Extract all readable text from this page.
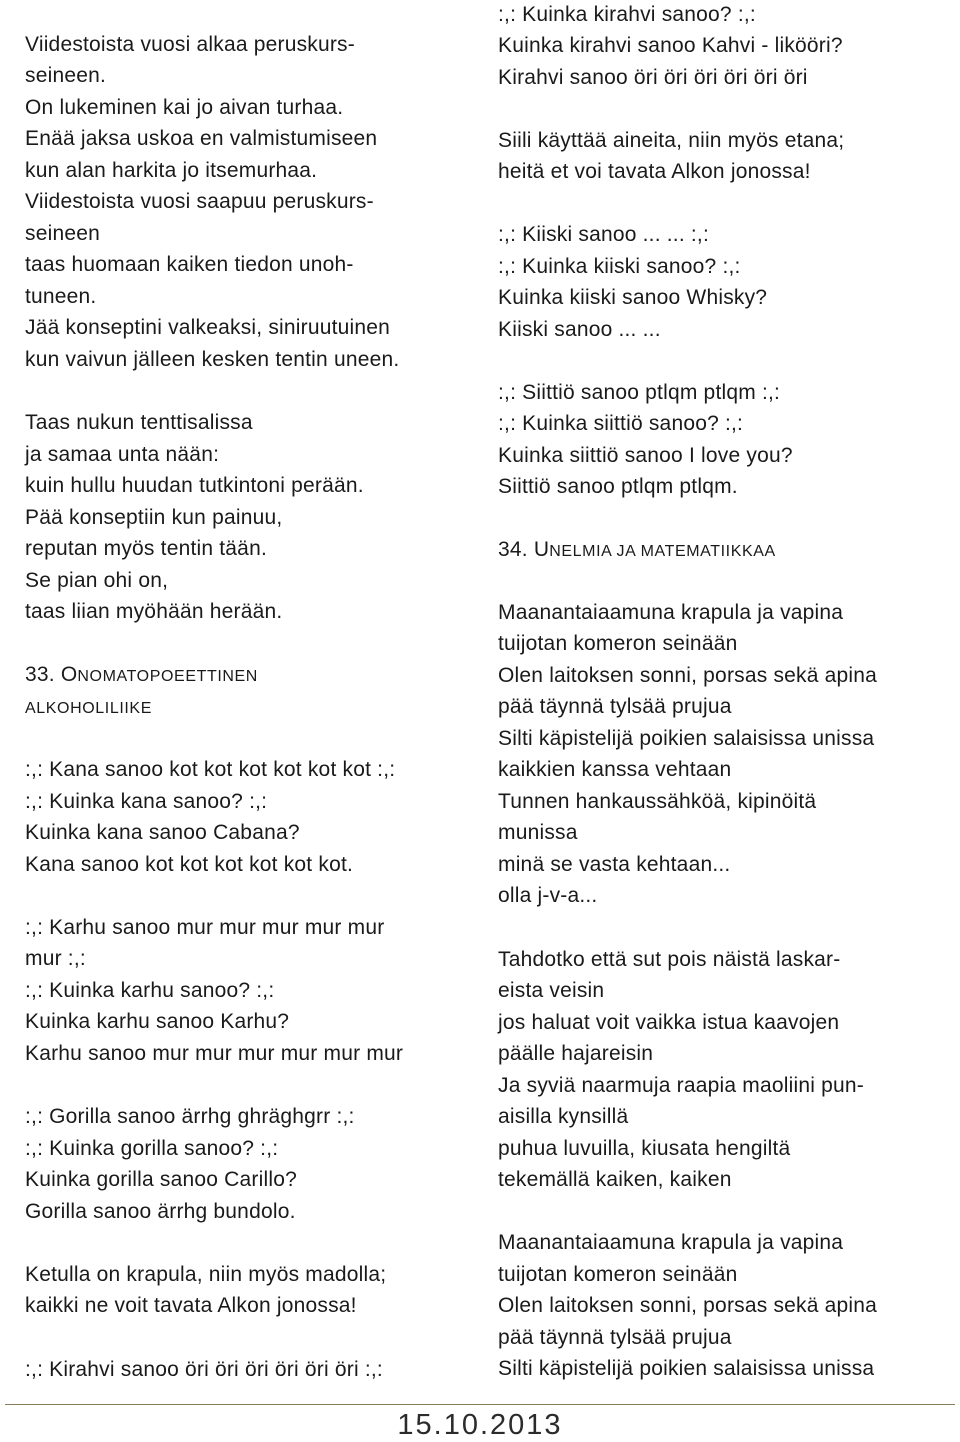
Viidestoista vuosi alkaa peruskurs-
seineen.
On lukeminen kai jo aivan turhaa.
Enää jaksa uskoa en valmistumiseen
kun alan harkita jo itsemurhaa.
Viidestoista vuosi saapuu peruskurs-
seineen
taas huomaan kaiken tiedon unoh-
tuneen.
Jää konseptini valkeaksi, siniruutuinen
kun vaivun jälleen kesken tentin uneen.
Taas nukun tenttisalissa
ja samaa unta nään:
kuin hullu huudan tutkintoni perään.
Pää konseptiin kun painuu,
reputan myös tentin tään.
Se pian ohi on,
taas liian myöhään herään.
33. ONOMATOPOEETTINEN
ALKOHOLILIIKE
:,: Kana sanoo kot kot kot kot kot kot :,:
:,: Kuinka kana sanoo? :,:
Kuinka kana sanoo Cabana?
Kana sanoo kot kot kot kot kot kot.
:,: Karhu sanoo mur mur mur mur mur
mur :,:
:,: Kuinka karhu sanoo? :,:
Kuinka karhu sanoo Karhu?
Karhu sanoo mur mur mur mur mur mur
:,: Gorilla sanoo ärrhg ghräghgrr :,:
:,: Kuinka gorilla sanoo? :,:
Kuinka gorilla sanoo Carillo?
Gorilla sanoo ärrhg bundolo.
Ketulla on krapula, niin myös madolla;
kaikki ne voit tavata Alkon jonossa!
:,: Kirahvi sanoo öri öri öri öri öri öri :,:
:,: Kuinka kirahvi sanoo? :,:
Kuinka kirahvi sanoo Kahvi - likööri?
Kirahvi sanoo öri öri öri öri öri öri
Siili käyttää aineita, niin myös etana;
heitä et voi tavata Alkon jonossa!
:,: Kiiski sanoo ... ... :,:
:,: Kuinka kiiski sanoo? :,:
Kuinka kiiski sanoo Whisky?
Kiiski sanoo ... ...
:,: Siittiö sanoo ptlqm ptlqm :,:
:,: Kuinka siittiö sanoo? :,:
Kuinka siittiö sanoo I love you?
Siittiö sanoo ptlqm ptlqm.
34. UNELMIA JA MATEMATIIKKAA
Maanantaiaamuna krapula ja vapina
tuijotan komeron seinään
Olen laitoksen sonni, porsas sekä apina
pää täynnä tylsää prujua
Silti käpistelijä poikien salaisissa unissa
kaikkien kanssa vehtaan
Tunnen hankaussähköä, kipinöitä
munissa
minä se vasta kehtaan...
olla j-v-a...
Tahdotko että sut pois näistä laskar-
eista veisin
jos haluat voit vaikka istua kaavojen
päälle hajareisin
Ja syviä naarmuja raapia maoliini pun-
aisilla kynsillä
puhua luvuilla, kiusata hengiltä
tekemällä kaiken, kaiken
Maanantaiaamuna krapula ja vapina
tuijotan komeron seinään
Olen laitoksen sonni, porsas sekä apina
pää täynnä tylsää prujua
Silti käpistelijä poikien salaisissa unissa
15.10.2013
